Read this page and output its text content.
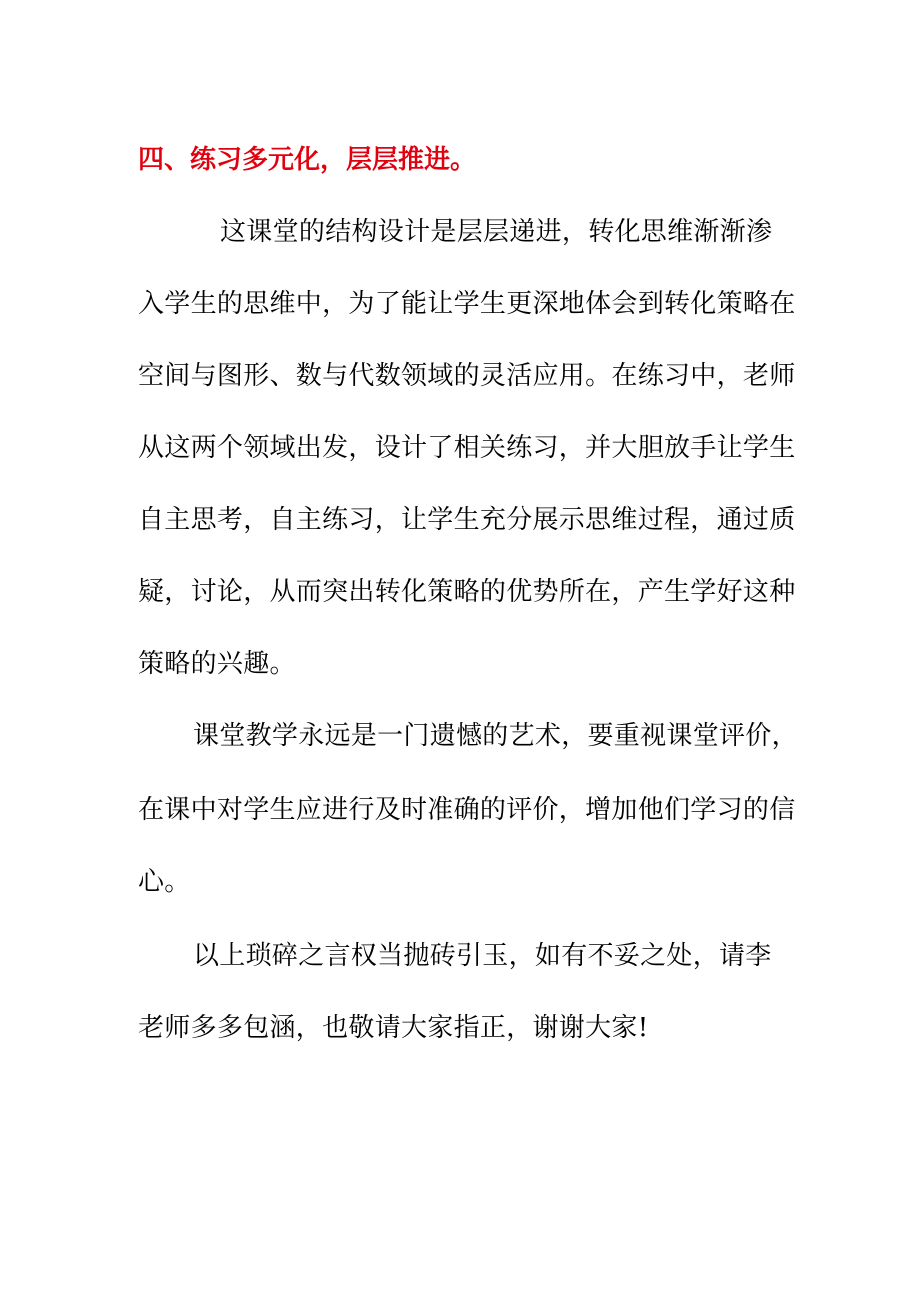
四、练习多元化，层层推进。
这课堂的结构设计是层层递进，转化思维渐渐渗
入学生的思维中，为了能让学生更深地体会到转化策略在
空间与图形、数与代数领域的灵活应用。在练习中，老师
从这两个领域出发，设计了相关练习，并大胆放手让学生
自主思考，自主练习，让学生充分展示思维过程，通过质
疑，讨论，从而突出转化策略的优势所在，产生学好这种
策略的兴趣。
课堂教学永远是一门遗憾的艺术，要重视课堂评价，
在课中对学生应进行及时准确的评价，增加他们学习的信
心。
以上琐碎之言权当抛砖引玉，如有不妥之处，请李
老师多多包涵，也敬请大家指正，谢谢大家!
